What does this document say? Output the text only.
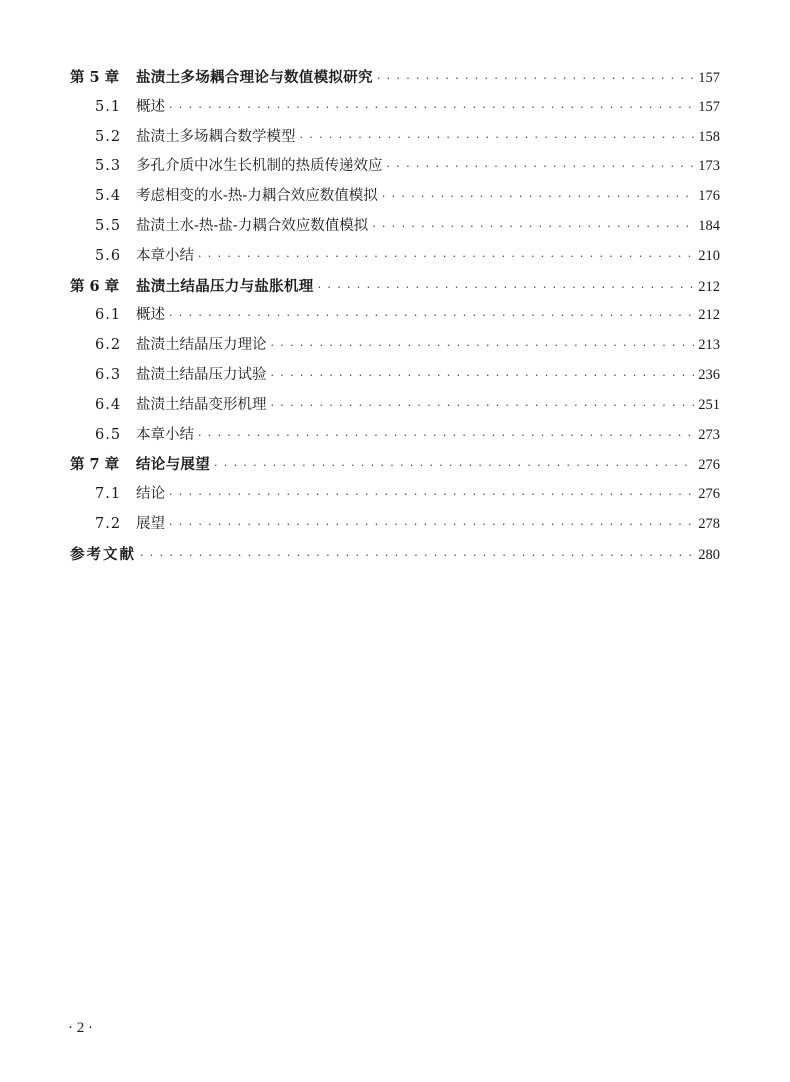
第 5 章	盐渍土多场耦合理论与数值模拟研究 · · ·	157
5.1	概述 · · ·	157
5.2	盐渍土多场耦合数学模型 · · ·	158
5.3	多孔介质中冰生长机制的热质传递效应 · · ·	173
5.4	考虑相变的水-热-力耦合效应数值模拟 · · ·	176
5.5	盐渍土水-热-盐-力耦合效应数值模拟 · · ·	184
5.6	本章小结 · · ·	210
第 6 章	盐渍土结晶压力与盐胀机理 · · ·	212
6.1	概述 · · ·	212
6.2	盐渍土结晶压力理论 · · ·	213
6.3	盐渍土结晶压力试验 · · ·	236
6.4	盐渍土结晶变形机理 · · ·	251
6.5	本章小结 · · ·	273
第 7 章	结论与展望 · · ·	276
7.1	结论 · · ·	276
7.2	展望 · · ·	278
参考文献 · · ·	280
· 2 ·
